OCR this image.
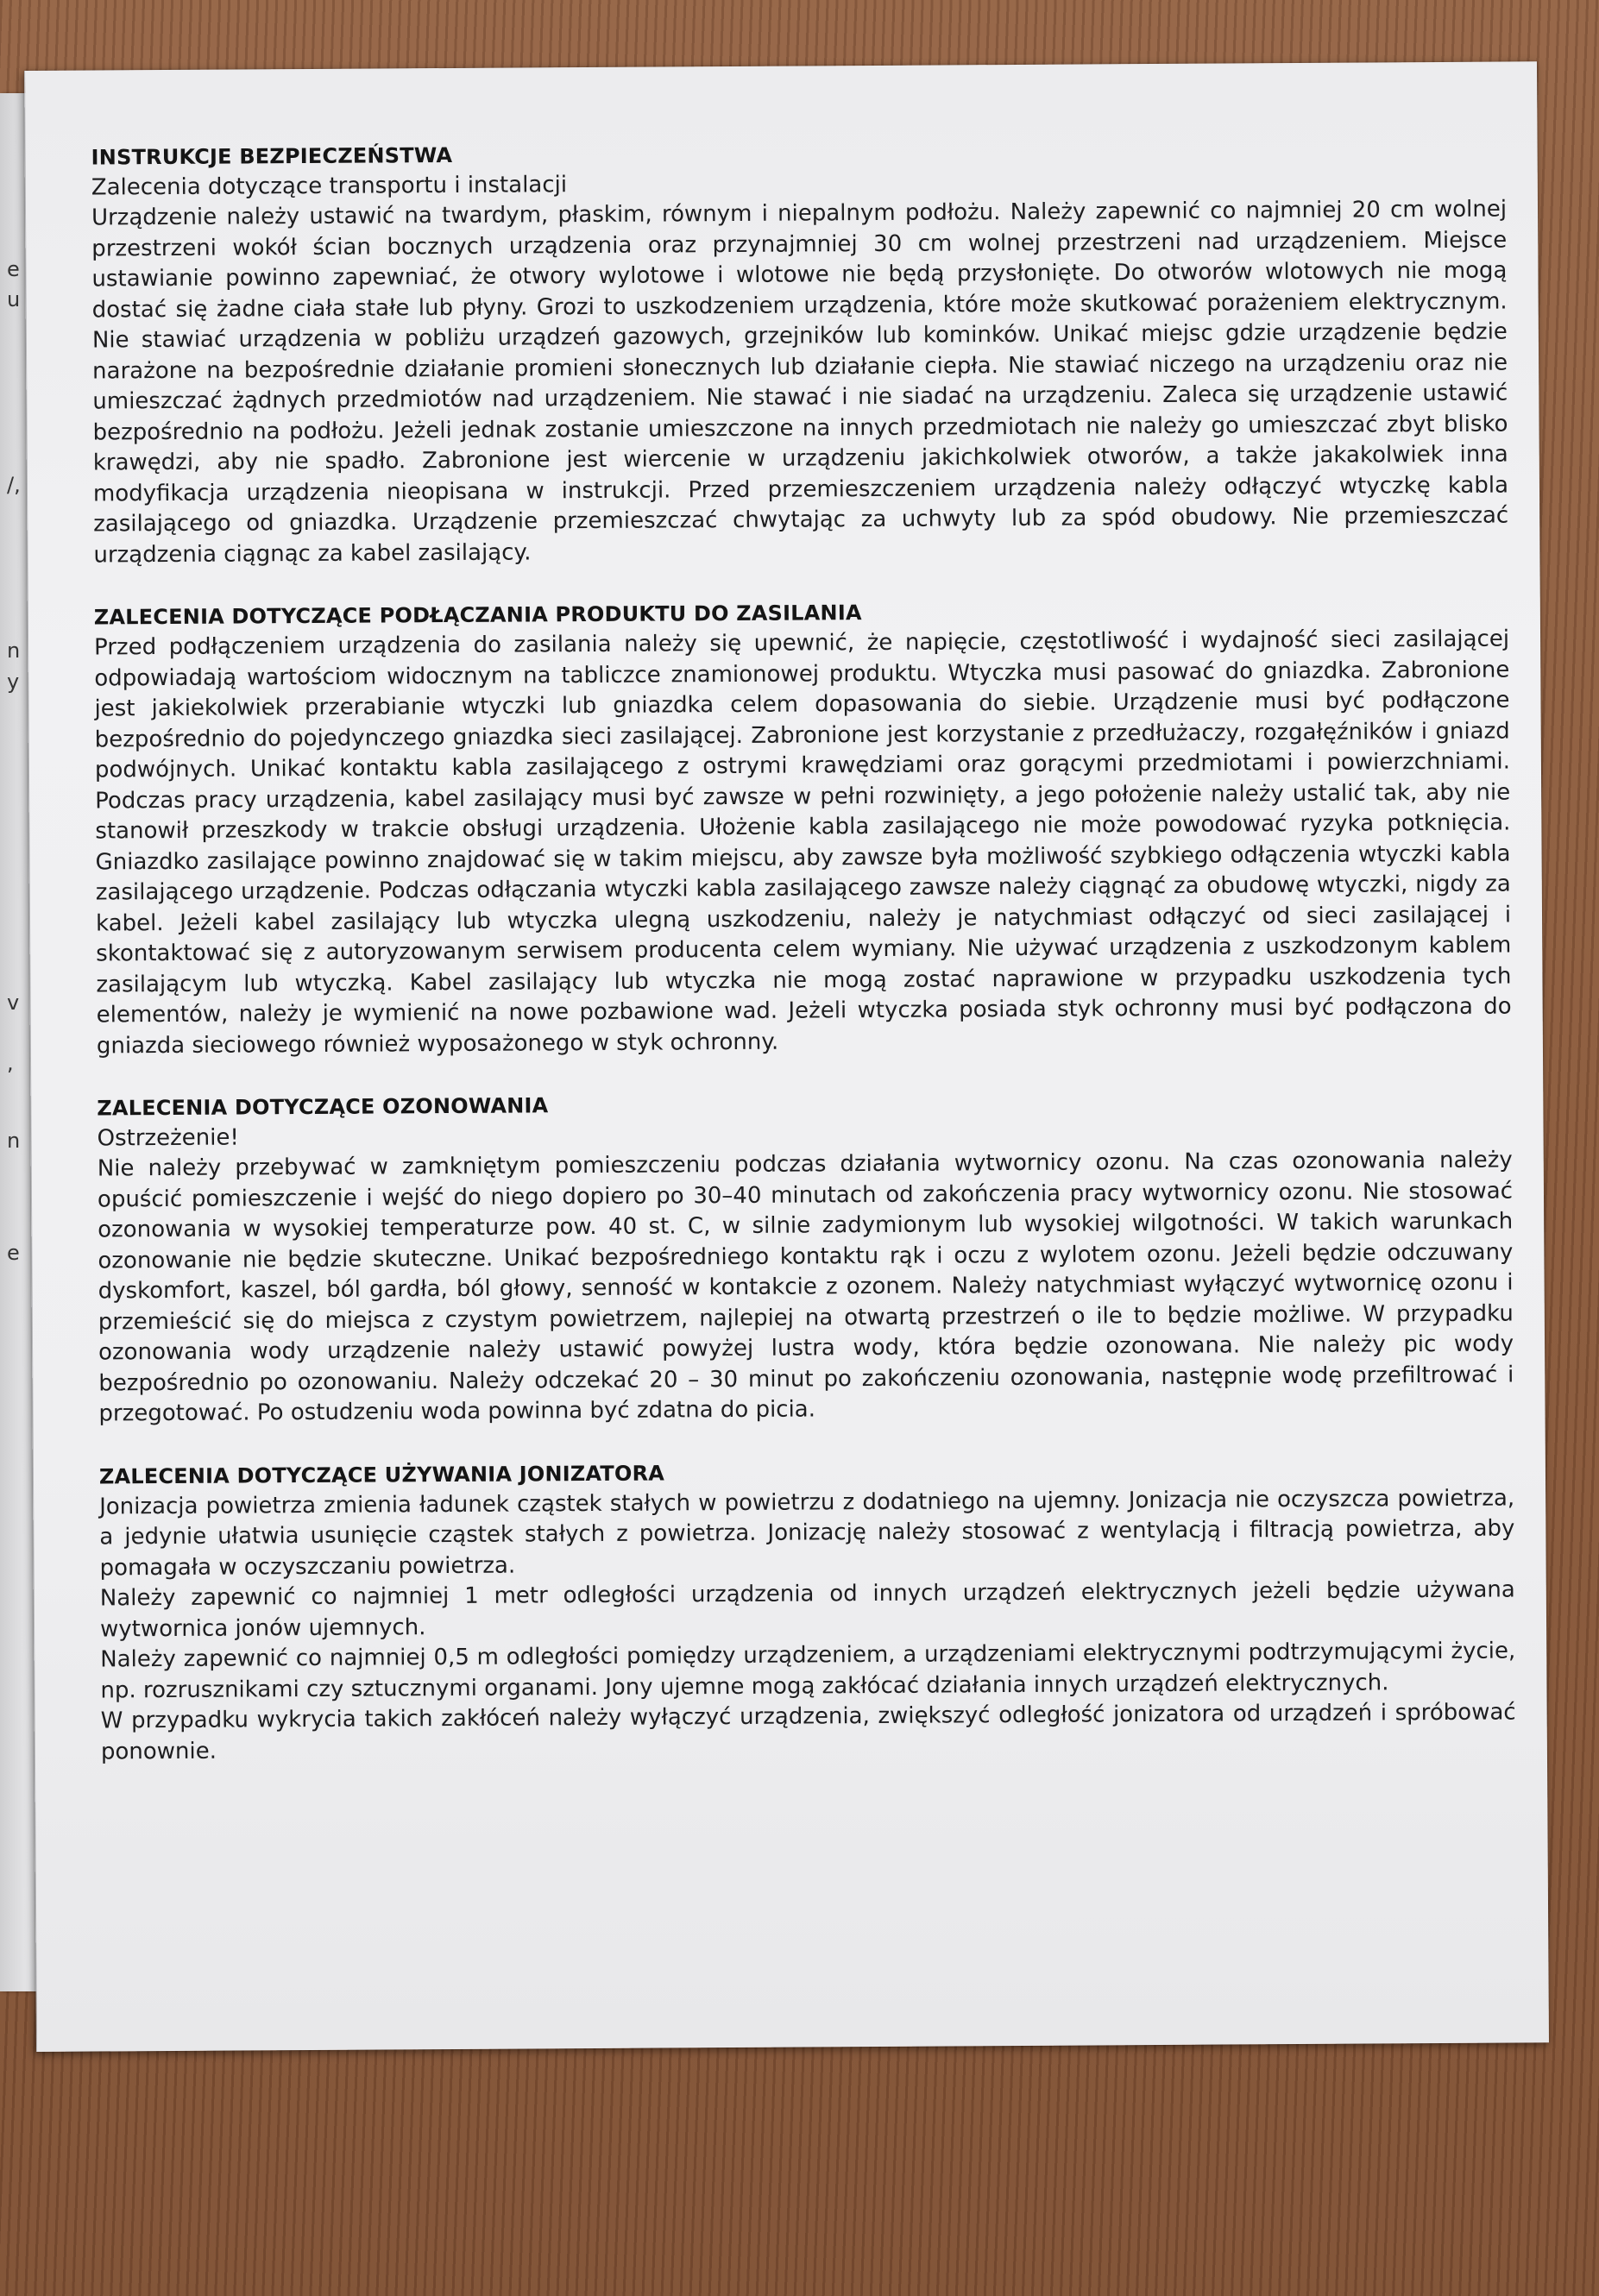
e
u
/,
n
y
v
,
n
e
INSTRUKCJE BEZPIECZEŃSTWA

Zalecenia dotyczące transportu i instalacji

Urządzenie należy ustawić na twardym, płaskim, równym i niepalnym podłożu. Należy zapewnić co najmniej 20 cm wolnej przestrzeni wokół ścian bocznych urządzenia oraz przynajmniej 30 cm wolnej przestrzeni nad urządzeniem. Miejsce ustawianie powinno zapewniać, że otwory wylotowe i wlotowe nie będą przysłonięte. Do otworów wlotowych nie mogą dostać się żadne ciała stałe lub płyny. Grozi to uszkodzeniem urządzenia, które może skutkować porażeniem elektrycznym. Nie stawiać urządzenia w pobliżu urządzeń gazowych, grzejników lub kominków. Unikać miejsc gdzie urządzenie będzie narażone na bezpośrednie działanie promieni słonecznych lub działanie ciepła. Nie stawiać niczego na urządzeniu oraz nie umieszczać żądnych przedmiotów nad urządzeniem. Nie stawać i nie siadać na urządzeniu. Zaleca się urządzenie ustawić bezpośrednio na podłożu. Jeżeli jednak zostanie umieszczone na innych przedmiotach nie należy go umieszczać zbyt blisko krawędzi, aby nie spadło. Zabronione jest wiercenie w urządzeniu jakichkolwiek otworów, a także jakakolwiek inna modyfikacja urządzenia nieopisana w instrukcji. Przed przemieszczeniem urządzenia należy odłączyć wtyczkę kabla zasilającego od gniazdka. Urządzenie przemieszczać chwytając za uchwyty lub za spód obudowy. Nie przemieszczać urządzenia ciągnąc za kabel zasilający.

ZALECENIA DOTYCZĄCE PODŁĄCZANIA PRODUKTU DO ZASILANIA

Przed podłączeniem urządzenia do zasilania należy się upewnić, że napięcie, częstotliwość i wydajność sieci zasilającej odpowiadają wartościom widocznym na tabliczce znamionowej produktu. Wtyczka musi pasować do gniazdka. Zabronione jest jakiekolwiek przerabianie wtyczki lub gniazdka celem dopasowania do siebie. Urządzenie musi być podłączone bezpośrednio do pojedynczego gniazdka sieci zasilającej. Zabronione jest korzystanie z przedłużaczy, rozgałęźników i gniazd podwójnych. Unikać kontaktu kabla zasilającego z ostrymi krawędziami oraz gorącymi przedmiotami i powierzchniami. Podczas pracy urządzenia, kabel zasilający musi być zawsze w pełni rozwinięty, a jego położenie należy ustalić tak, aby nie stanowił przeszkody w trakcie obsługi urządzenia. Ułożenie kabla zasilającego nie może powodować ryzyka potknięcia. Gniazdko zasilające powinno znajdować się w takim miejscu, aby zawsze była możliwość szybkiego odłączenia wtyczki kabla zasilającego urządzenie. Podczas odłączania wtyczki kabla zasilającego zawsze należy ciągnąć za obudowę wtyczki, nigdy za kabel. Jeżeli kabel zasilający lub wtyczka ulegną uszkodzeniu, należy je natychmiast odłączyć od sieci zasilającej i skontaktować się z autoryzowanym serwisem producenta celem wymiany. Nie używać urządzenia z uszkodzonym kablem zasilającym lub wtyczką. Kabel zasilający lub wtyczka nie mogą zostać naprawione w przypadku uszkodzenia tych elementów, należy je wymienić na nowe pozbawione wad. Jeżeli wtyczka posiada styk ochronny musi być podłączona do gniazda sieciowego również wyposażonego w styk ochronny.

ZALECENIA DOTYCZĄCE OZONOWANIA

Ostrzeżenie!

Nie należy przebywać w zamkniętym pomieszczeniu podczas działania wytwornicy ozonu. Na czas ozonowania należy opuścić pomieszczenie i wejść do niego dopiero po 30–40 minutach od zakończenia pracy wytwornicy ozonu. Nie stosować ozonowania w wysokiej temperaturze pow. 40 st. C, w silnie zadymionym lub wysokiej wilgotności. W takich warunkach ozonowanie nie będzie skuteczne. Unikać bezpośredniego kontaktu rąk i oczu z wylotem ozonu. Jeżeli będzie odczuwany dyskomfort, kaszel, ból gardła, ból głowy, senność w kontakcie z ozonem. Należy natychmiast wyłączyć wytwornicę ozonu i przemieścić się do miejsca z czystym powietrzem, najlepiej na otwartą przestrzeń o ile to będzie możliwe. W przypadku ozonowania wody urządzenie należy ustawić powyżej lustra wody, która będzie ozonowana. Nie należy pic wody bezpośrednio po ozonowaniu. Należy odczekać 20 – 30 minut po zakończeniu ozonowania, następnie wodę przefiltrować i przegotować. Po ostudzeniu woda powinna być zdatna do picia.

ZALECENIA DOTYCZĄCE UŻYWANIA JONIZATORA

Jonizacja powietrza zmienia ładunek cząstek stałych w powietrzu z dodatniego na ujemny. Jonizacja nie oczyszcza powietrza, a jedynie ułatwia usunięcie cząstek stałych z powietrza. Jonizację należy stosować z wentylacją i filtracją powietrza, aby pomagała w oczyszczaniu powietrza.

Należy zapewnić co najmniej 1 metr odległości urządzenia od innych urządzeń elektrycznych jeżeli będzie używana wytwornica jonów ujemnych.

Należy zapewnić co najmniej 0,5 m odległości pomiędzy urządzeniem, a urządzeniami elektrycznymi podtrzymującymi życie, np. rozrusznikami czy sztucznymi organami. Jony ujemne mogą zakłócać działania innych urządzeń elektrycznych.

W przypadku wykrycia takich zakłóceń należy wyłączyć urządzenia, zwiększyć odległość jonizatora od urządzeń i spróbować ponownie.
